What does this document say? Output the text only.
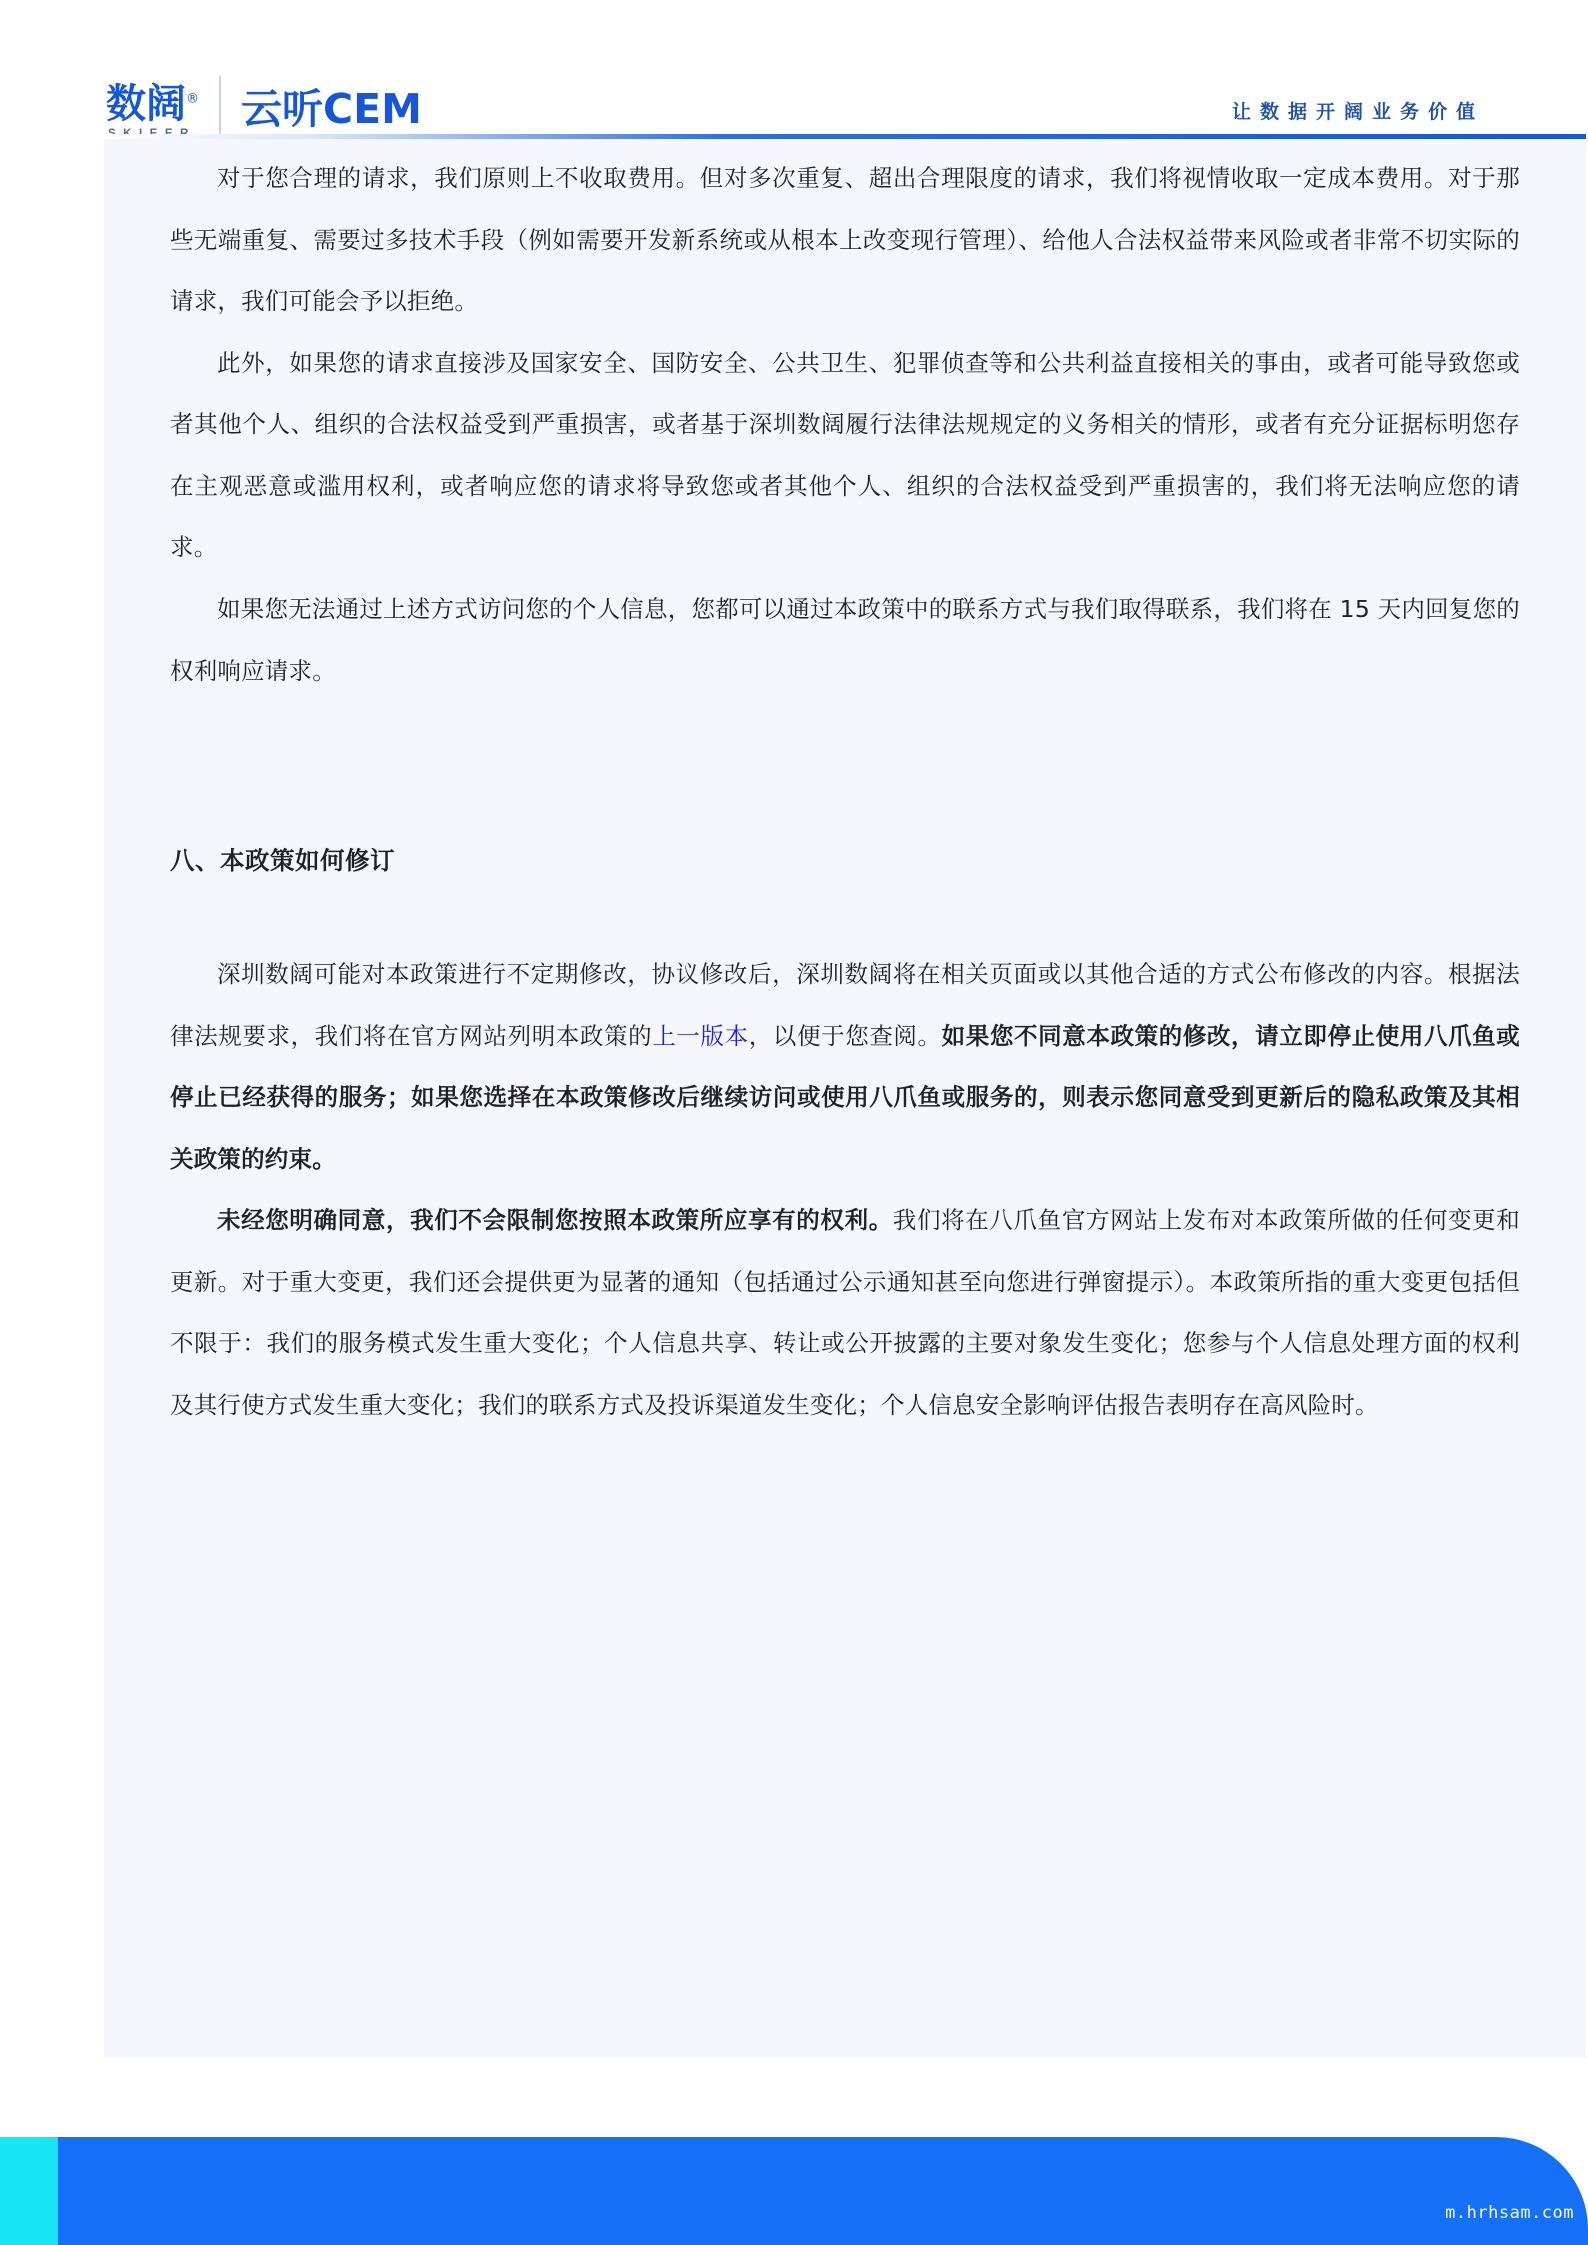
数阔® 云听CEM	让数据开阔业务价值

对于您合理的请求，我们原则上不收取费用。但对多次重复、超出合理限度的请求，我们将视情收取一定成本费用。对于那些无端重复、需要过多技术手段（例如需要开发新系统或从根本上改变现行管理）、给他人合法权益带来风险或者非常不切实际的请求，我们可能会予以拒绝。

此外，如果您的请求直接涉及国家安全、国防安全、公共卫生、犯罪侦查等和公共利益直接相关的事由，或者可能导致您或者其他个人、组织的合法权益受到严重损害，或者基于深圳数阔履行法律法规规定的义务相关的情形，或者有充分证据标明您存在主观恶意或滥用权利，或者响应您的请求将导致您或者其他个人、组织的合法权益受到严重损害的，我们将无法响应您的请求。

如果您无法通过上述方式访问您的个人信息，您都可以通过本政策中的联系方式与我们取得联系，我们将在 15 天内回复您的权利响应请求。

八、本政策如何修订

深圳数阔可能对本政策进行不定期修改，协议修改后，深圳数阔将在相关页面或以其他合适的方式公布修改的内容。根据法律法规要求，我们将在官方网站列明本政策的上一版本，以便于您查阅。如果您不同意本政策的修改，请立即停止使用八爪鱼或停止已经获得的服务；如果您选择在本政策修改后继续访问或使用八爪鱼或服务的，则表示您同意受到更新后的隐私政策及其相关政策的约束。

未经您明确同意，我们不会限制您按照本政策所应享有的权利。我们将在八爪鱼官方网站上发布对本政策所做的任何变更和更新。对于重大变更，我们还会提供更为显著的通知（包括通过公示通知甚至向您进行弹窗提示）。本政策所指的重大变更包括但不限于：我们的服务模式发生重大变化；个人信息共享、转让或公开披露的主要对象发生变化；您参与个人信息处理方面的权利及其行使方式发生重大变化；我们的联系方式及投诉渠道发生变化；个人信息安全影响评估报告表明存在高风险时。

m.hrhsam.com
